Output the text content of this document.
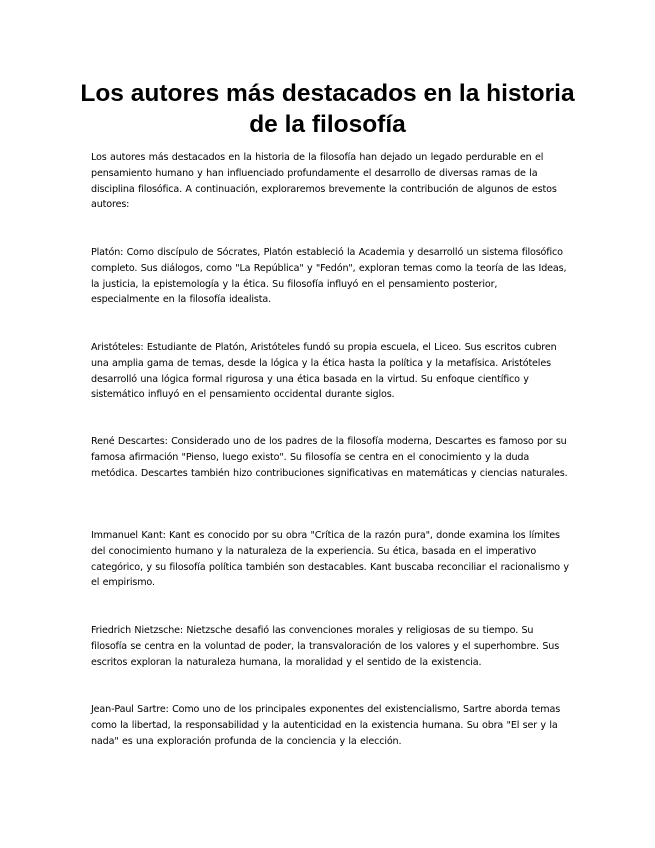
Los autores más destacados en la historia de la filosofía

Los autores más destacados en la historia de la filosofía han dejado un legado perdurable en el pensamiento humano y han influenciado profundamente el desarrollo de diversas ramas de la disciplina filosófica. A continuación, exploraremos brevemente la contribución de algunos de estos autores:

Platón: Como discípulo de Sócrates, Platón estableció la Academia y desarrolló un sistema filosófico completo. Sus diálogos, como "La República" y "Fedón", exploran temas como la teoría de las Ideas, la justicia, la epistemología y la ética. Su filosofía influyó en el pensamiento posterior, especialmente en la filosofía idealista.

Aristóteles: Estudiante de Platón, Aristóteles fundó su propia escuela, el Liceo. Sus escritos cubren una amplia gama de temas, desde la lógica y la ética hasta la política y la metafísica. Aristóteles desarrolló una lógica formal rigurosa y una ética basada en la virtud. Su enfoque científico y sistemático influyó en el pensamiento occidental durante siglos.

René Descartes: Considerado uno de los padres de la filosofía moderna, Descartes es famoso por su famosa afirmación "Pienso, luego existo". Su filosofía se centra en el conocimiento y la duda metódica. Descartes también hizo contribuciones significativas en matemáticas y ciencias naturales.

Immanuel Kant: Kant es conocido por su obra "Crítica de la razón pura", donde examina los límites del conocimiento humano y la naturaleza de la experiencia. Su ética, basada en el imperativo categórico, y su filosofía política también son destacables. Kant buscaba reconciliar el racionalismo y el empirismo.

Friedrich Nietzsche: Nietzsche desafió las convenciones morales y religiosas de su tiempo. Su filosofía se centra en la voluntad de poder, la transvaloración de los valores y el superhombre. Sus escritos exploran la naturaleza humana, la moralidad y el sentido de la existencia.

Jean-Paul Sartre: Como uno de los principales exponentes del existencialismo, Sartre aborda temas como la libertad, la responsabilidad y la autenticidad en la existencia humana. Su obra "El ser y la nada" es una exploración profunda de la conciencia y la elección.
